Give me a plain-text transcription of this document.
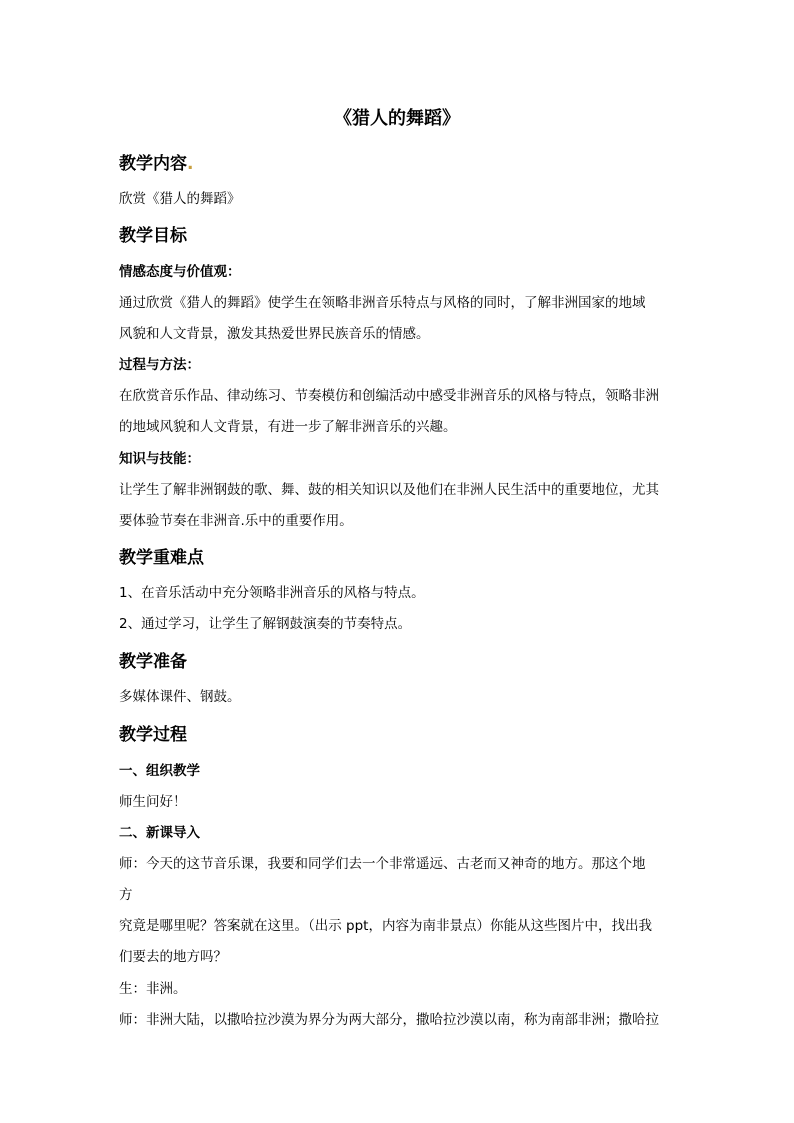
《猎人的舞蹈》
教学内容.

欣赏《猎人的舞蹈》

教学目标

情感态度与价值观：

通过欣赏《猎人的舞蹈》使学生在领略非洲音乐特点与风格的同时，了解非洲国家的地域

风貌和人文背景，激发其热爱世界民族音乐的情感。

过程与方法：

在欣赏音乐作品、律动练习、节奏模仿和创编活动中感受非洲音乐的风格与特点，领略非洲

的地域风貌和人文背景，有进一步了解非洲音乐的兴趣。

知识与技能：

让学生了解非洲钢鼓的歌、舞、鼓的相关知识以及他们在非洲人民生活中的重要地位，尤其

要体验节奏在非洲音.乐中的重要作用。

教学重难点

1、在音乐活动中充分领略非洲音乐的风格与特点。

2、通过学习，让学生了解钢鼓演奏的节奏特点。

教学准备

多媒体课件、钢鼓。

教学过程

一、组织教学

师生问好！

二、新课导入

师：今天的这节音乐课，我要和同学们去一个非常遥远、古老而又神奇的地方。那这个地

方

究竟是哪里呢？答案就在这里。（出示 ppt，内容为南非景点）你能从这些图片中，找出我

们要去的地方吗？

生：非洲。

师：非洲大陆，以撒哈拉沙漠为界分为两大部分，撒哈拉沙漠以南，称为南部非洲；撒哈拉
